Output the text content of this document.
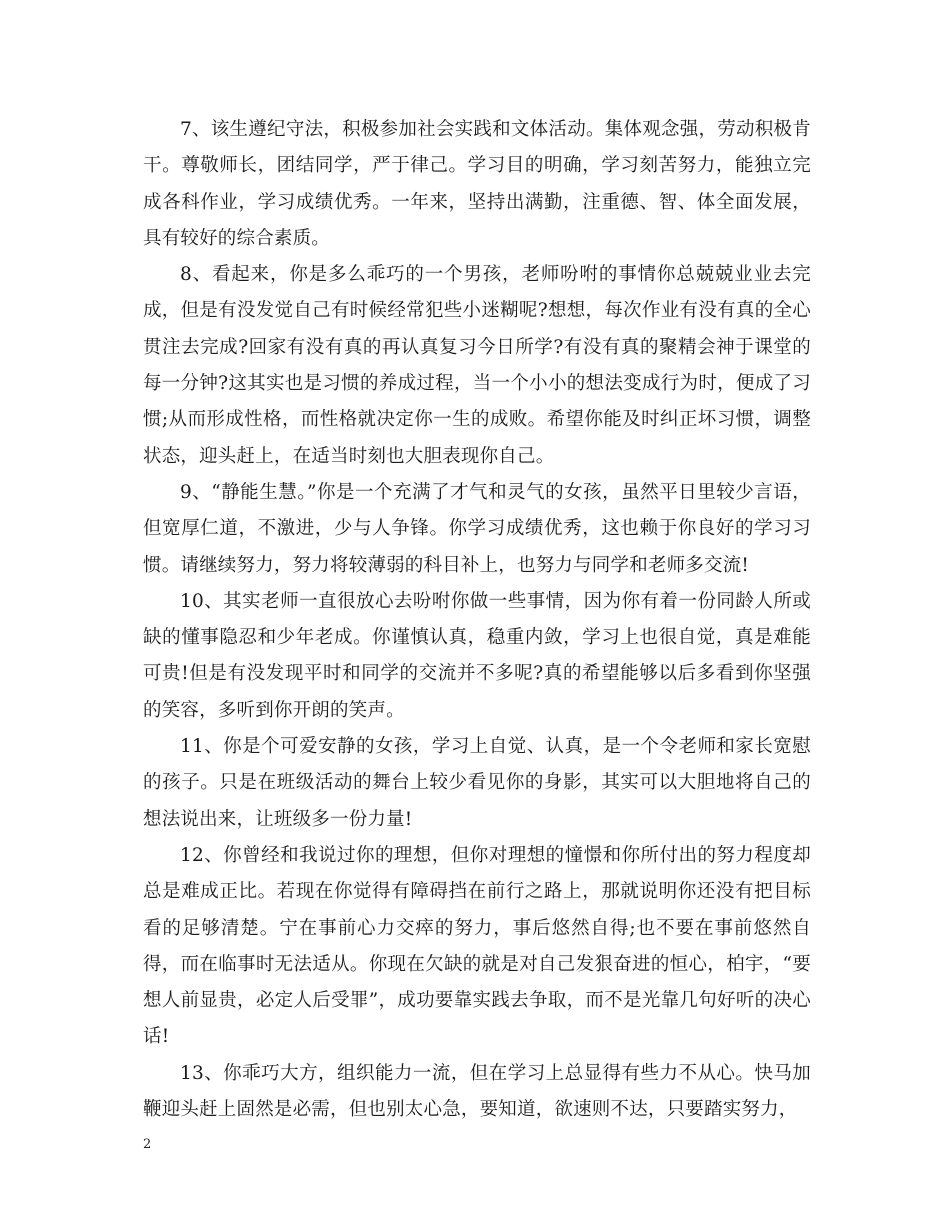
7、该生遵纪守法，积极参加社会实践和文体活动。集体观念强，劳动积极肯干。尊敬师长，团结同学，严于律己。学习目的明确，学习刻苦努力，能独立完成各科作业，学习成绩优秀。一年来，坚持出满勤，注重德、智、体全面发展，具有较好的综合素质。

8、看起来，你是多么乖巧的一个男孩，老师吩咐的事情你总兢兢业业去完成，但是有没发觉自己有时候经常犯些小迷糊呢?想想，每次作业有没有真的全心贯注去完成?回家有没有真的再认真复习今日所学?有没有真的聚精会神于课堂的每一分钟?这其实也是习惯的养成过程，当一个小小的想法变成行为时，便成了习惯;从而形成性格，而性格就决定你一生的成败。希望你能及时纠正坏习惯，调整状态，迎头赶上，在适当时刻也大胆表现你自己。

9、“静能生慧。”你是一个充满了才气和灵气的女孩，虽然平日里较少言语，但宽厚仁道，不激进，少与人争锋。你学习成绩优秀，这也赖于你良好的学习习惯。请继续努力，努力将较薄弱的科目补上，也努力与同学和老师多交流!

10、其实老师一直很放心去吩咐你做一些事情，因为你有着一份同龄人所或缺的懂事隐忍和少年老成。你谨慎认真，稳重内敛，学习上也很自觉，真是难能可贵!但是有没发现平时和同学的交流并不多呢?真的希望能够以后多看到你坚强的笑容，多听到你开朗的笑声。

11、你是个可爱安静的女孩，学习上自觉、认真，是一个令老师和家长宽慰的孩子。只是在班级活动的舞台上较少看见你的身影，其实可以大胆地将自己的想法说出来，让班级多一份力量!

12、你曾经和我说过你的理想，但你对理想的憧憬和你所付出的努力程度却总是难成正比。若现在你觉得有障碍挡在前行之路上，那就说明你还没有把目标看的足够清楚。宁在事前心力交瘁的努力，事后悠然自得;也不要在事前悠然自得，而在临事时无法适从。你现在欠缺的就是对自己发狠奋进的恒心，柏宇，“要想人前显贵，必定人后受罪”，成功要靠实践去争取，而不是光靠几句好听的决心话!

13、你乖巧大方，组织能力一流，但在学习上总显得有些力不从心。快马加鞭迎头赶上固然是必需，但也别太心急，要知道，欲速则不达，只要踏实努力，

2
